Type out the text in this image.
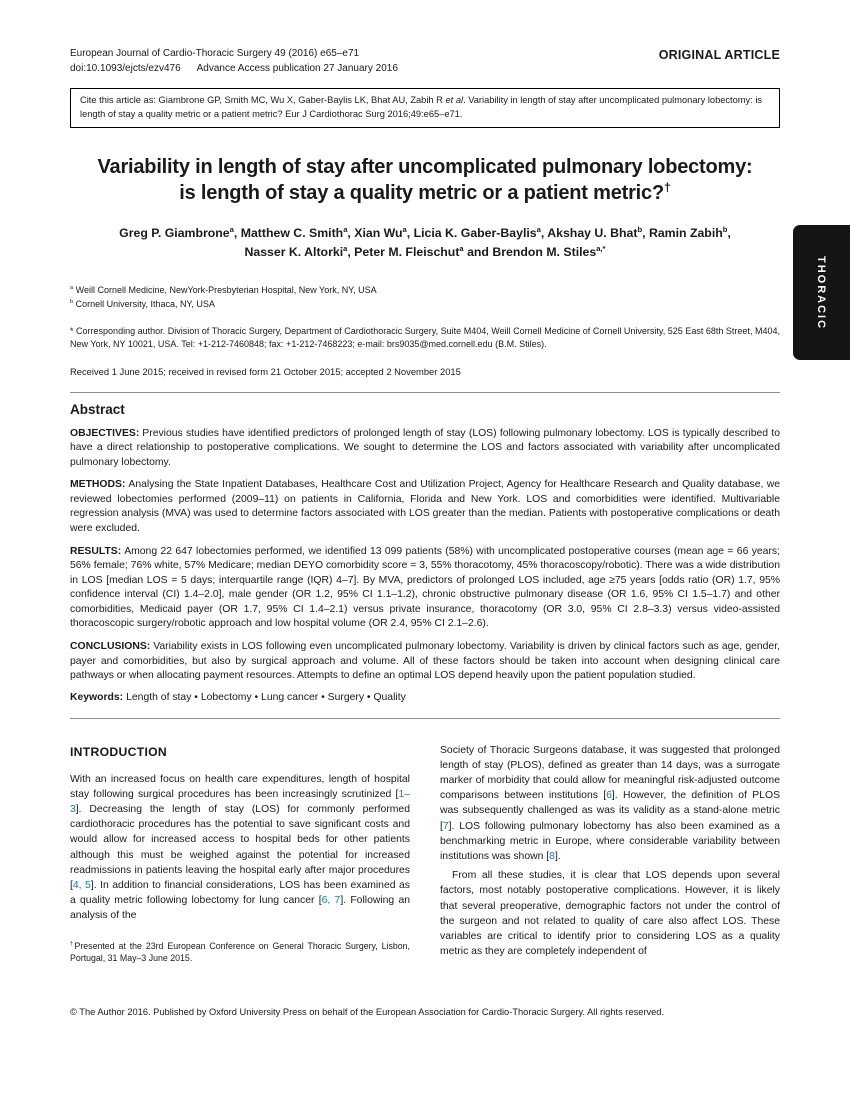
THORACIC
European Journal of Cardio-Thoracic Surgery 49 (2016) e65–e71
doi:10.1093/ejcts/ezv476 Advance Access publication 27 January 2016
ORIGINAL ARTICLE

Cite this article as: Giambrone GP, Smith MC, Wu X, Gaber-Baylis LK, Bhat AU, Zabih R et al. Variability in length of stay after uncomplicated pulmonary lobectomy: is length of stay a quality metric or a patient metric? Eur J Cardiothorac Surg 2016;49:e65–e71.

Variability in length of stay after uncomplicated pulmonary lobectomy:
is length of stay a quality metric or a patient metric?†
Greg P. Giambrone$^a$, Matthew C. Smith$^a$, Xian Wu$^a$, Licia K. Gaber-Baylis$^a$, Akshay U. Bhat$^b$, Ramin Zabih$^b$,
Nasser K. Altorki$^a$, Peter M. Fleischut$^a$ and Brendon M. Stiles$^{a,*}$
$^a$ Weill Cornell Medicine, NewYork-Presbyterian Hospital, New York, NY, USA
$^b$ Cornell University, Ithaca, NY, USA

* Corresponding author. Division of Thoracic Surgery, Department of Cardiothoracic Surgery, Suite M404, Weill Cornell Medicine of Cornell University, 525 East 68th Street, M404, New York, NY 10021, USA. Tel: +1-212-7460848; fax: +1-212-7468223; e-mail: brs9035@med.cornell.edu (B.M. Stiles).

Received 1 June 2015; received in revised form 21 October 2015; accepted 2 November 2015

Abstract

OBJECTIVES: Previous studies have identified predictors of prolonged length of stay (LOS) following pulmonary lobectomy. LOS is typically described to have a direct relationship to postoperative complications. We sought to determine the LOS and factors associated with variability after uncomplicated pulmonary lobectomy.

METHODS: Analysing the State Inpatient Databases, Healthcare Cost and Utilization Project, Agency for Healthcare Research and Quality database, we reviewed lobectomies performed (2009–11) on patients in California, Florida and New York. LOS and comorbidities were identified. Multivariable regression analysis (MVA) was used to determine factors associated with LOS greater than the median. Patients with postoperative complications or death were excluded.

RESULTS: Among 22 647 lobectomies performed, we identified 13 099 patients (58%) with uncomplicated postoperative courses (mean age = 66 years; 56% female; 76% white, 57% Medicare; median DEYO comorbidity score = 3, 55% thoracotomy, 45% thoracoscopy/robotic). There was a wide distribution in LOS [median LOS = 5 days; interquartile range (IQR) 4–7]. By MVA, predictors of prolonged LOS included, age ≥75 years [odds ratio (OR) 1.7, 95% confidence interval (CI) 1.4–2.0], male gender (OR 1.2, 95% CI 1.1–1.2), chronic obstructive pulmonary disease (OR 1.6, 95% CI 1.5–1.7) and other comorbidities, Medicaid payer (OR 1.7, 95% CI 1.4–2.1) versus private insurance, thoracotomy (OR 3.0, 95% CI 2.8–3.3) versus video-assisted thoracoscopic surgery/robotic approach and low hospital volume (OR 2.4, 95% CI 2.1–2.6).

CONCLUSIONS: Variability exists in LOS following even uncomplicated pulmonary lobectomy. Variability is driven by clinical factors such as age, gender, payer and comorbidities, but also by surgical approach and volume. All of these factors should be taken into account when designing clinical care pathways or when allocating payment resources. Attempts to define an optimal LOS depend heavily upon the patient population studied.

Keywords: Length of stay • Lobectomy • Lung cancer • Surgery • Quality

INTRODUCTION

With an increased focus on health care expenditures, length of hospital stay following surgical procedures has been increasingly scrutinized [1–3]. Decreasing the length of stay (LOS) for commonly performed cardiothoracic procedures has the potential to save significant costs and would allow for increased access to hospital beds for other patients although this must be weighed against the potential for increased readmissions in patients leaving the hospital early after major procedures [4, 5]. In addition to financial considerations, LOS has been examined as a quality metric following lobectomy for lung cancer [6, 7]. Following an analysis of the

†Presented at the 23rd European Conference on General Thoracic Surgery, Lisbon, Portugal, 31 May–3 June 2015.

Society of Thoracic Surgeons database, it was suggested that prolonged length of stay (PLOS), defined as greater than 14 days, was a surrogate marker of morbidity that could allow for meaningful risk-adjusted outcome comparisons between institutions [6]. However, the definition of PLOS was subsequently challenged as was its validity as a stand-alone metric [7]. LOS following pulmonary lobectomy has also been examined as a benchmarking metric in Europe, where considerable variability between institutions was shown [8].

From all these studies, it is clear that LOS depends upon several factors, most notably postoperative complications. However, it is likely that several preoperative, demographic factors not under the control of the surgeon and not related to quality of care also affect LOS. These variables are critical to identify prior to considering LOS as a quality metric as they are completely independent of

© The Author 2016. Published by Oxford University Press on behalf of the European Association for Cardio-Thoracic Surgery. All rights reserved.
